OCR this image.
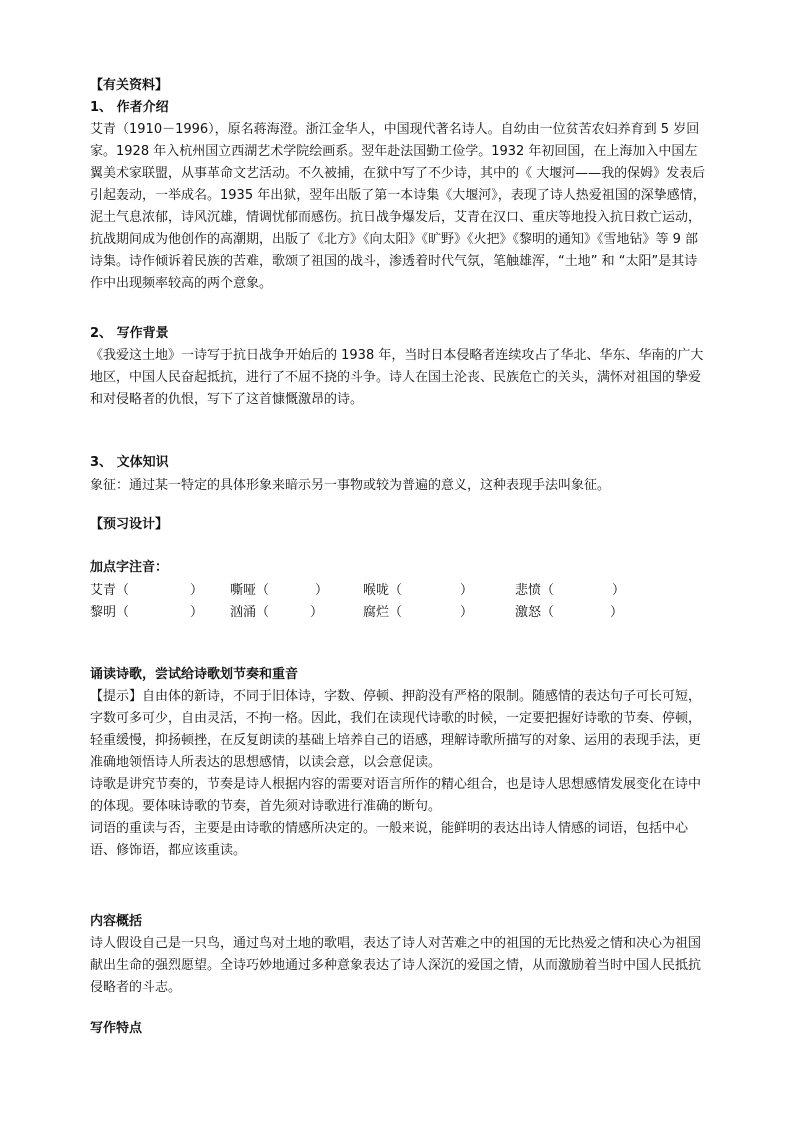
【有关资料】

1、 作者介绍

艾青（1910－1996），原名蒋海澄。浙江金华人，中国现代著名诗人。自幼由一位贫苦农妇养育到 5 岁回家。1928 年入杭州国立西湖艺术学院绘画系。翌年赴法国勤工俭学。1932 年初回国，在上海加入中国左翼美术家联盟，从事革命文艺活动。不久被捕，在狱中写了不少诗，其中的《 大堰河——我的保姆》发表后引起轰动，一举成名。1935 年出狱，翌年出版了第一本诗集《大堰河》，表现了诗人热爱祖国的深挚感情，泥土气息浓郁，诗风沉雄，情调忧郁而感伤。抗日战争爆发后，艾青在汉口、重庆等地投入抗日救亡运动，抗战期间成为他创作的高潮期，出版了《北方》《向太阳》《旷野》《火把》《黎明的通知》《雪地钻》等 9 部诗集。诗作倾诉着民族的苦难，歌颂了祖国的战斗，渗透着时代气氛，笔触雄浑，“土地” 和 “太阳”是其诗作中出现频率较高的两个意象。

2、 写作背景

《我爱这土地》一诗写于抗日战争开始后的 1938 年，当时日本侵略者连续攻占了华北、华东、华南的广大地区，中国人民奋起抵抗，进行了不屈不挠的斗争。诗人在国土沦丧、民族危亡的关头，满怀对祖国的挚爱和对侵略者的仇恨，写下了这首慷慨激昂的诗。

3、 文体知识

象征：通过某一特定的具体形象来暗示另一事物或较为普遍的意义，这种表现手法叫象征。

【预习设计】

加点字注音：

艾青（	） 嘶哑（	）	喉咙（	）	悲愤（	）
黎明（	） 汹涌（	）	腐烂（	）	激怒（	）

诵读诗歌，尝试给诗歌划节奏和重音

【提示】自由体的新诗，不同于旧体诗，字数、停顿、押韵没有严格的限制。随感情的表达句子可长可短，字数可多可少，自由灵活，不拘一格。因此，我们在读现代诗歌的时候，一定要把握好诗歌的节奏、停顿，轻重缓慢，抑扬顿挫，在反复朗读的基础上培养自己的语感，理解诗歌所描写的对象、运用的表现手法，更准确地领悟诗人所表达的思想感情，以读会意，以会意促读。

诗歌是讲究节奏的，节奏是诗人根据内容的需要对语言所作的精心组合，也是诗人思想感情发展变化在诗中的体现。要体味诗歌的节奏，首先须对诗歌进行准确的断句。

词语的重读与否，主要是由诗歌的情感所决定的。一般来说，能鲜明的表达出诗人情感的词语，包括中心语、修饰语，都应该重读。

内容概括

诗人假设自己是一只鸟，通过鸟对土地的歌唱，表达了诗人对苦难之中的祖国的无比热爱之情和决心为祖国献出生命的强烈愿望。全诗巧妙地通过多种意象表达了诗人深沉的爱国之情，从而激励着当时中国人民抵抗侵略者的斗志。

写作特点
